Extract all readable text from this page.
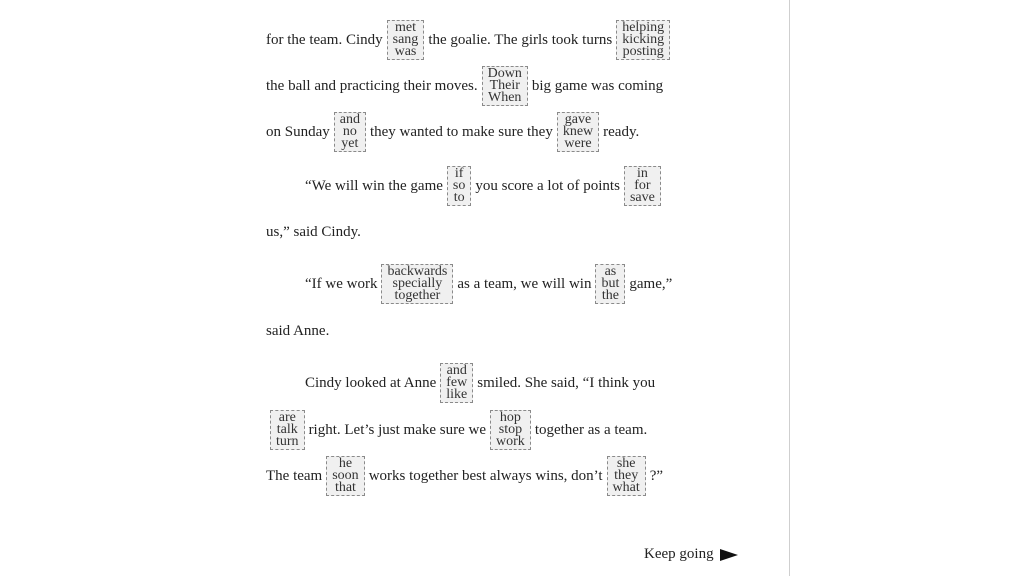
for the team. Cindy
met
sang
was
the goalie. The girls took turns
helping
kicking
posting
the ball and practicing their moves.
Down
Their
When
big game was coming
on Sunday
and
no
yet
they wanted to make sure they
gave
knew
were
ready.
“We will win the game
if
so
to
you score a lot of points
in
for
save
us,” said Cindy.
“If we work
backwards
specially
together
as a team, we will win
as
but
the
game,”
said Anne.
Cindy looked at Anne
and
few
like
smiled. She said, “I think you
are
talk
turn
right. Let’s just make sure we
hop
stop
work
together as a team.
The team
he
soon
that
works together best always wins, don’t
she
they
what
?”
Keep going
